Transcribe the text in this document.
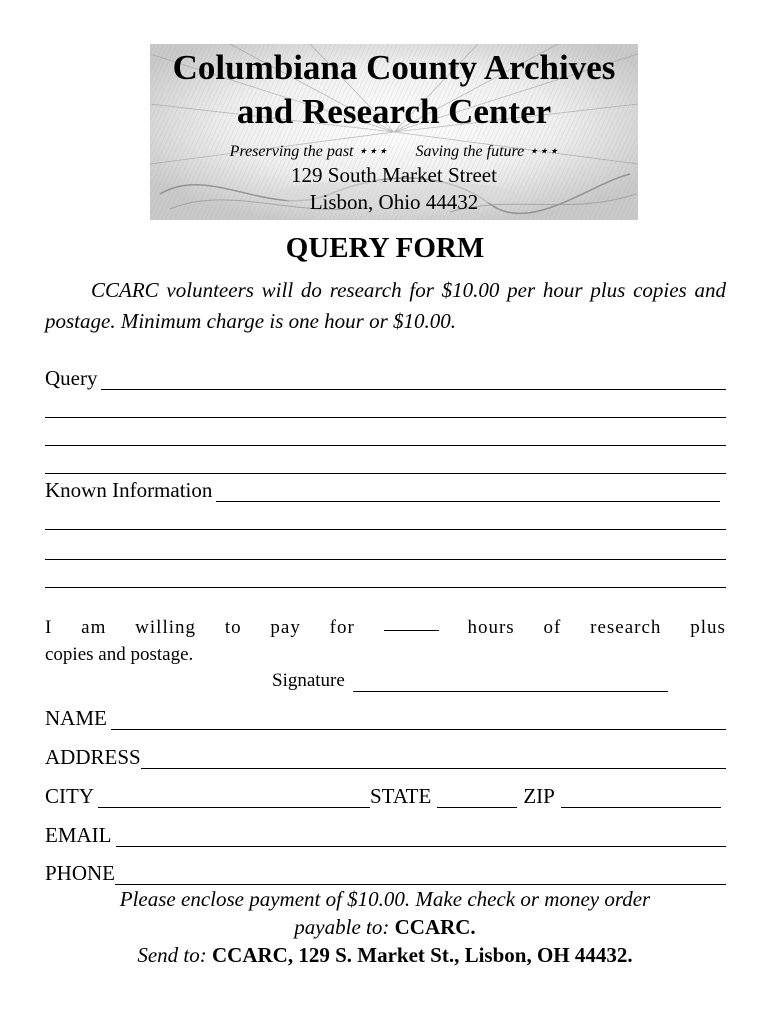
Columbiana County Archives
and Research Center
Preserving the past ⋆⋆⋆ Saving the future ⋆⋆⋆
129 South Market Street
Lisbon, Ohio 44432
QUERY FORM
CCARC volunteers will do research for $10.00 per hour plus copies and postage. Minimum charge is one hour or $10.00.
Query
Known Information
I am willing to pay for	hours of research plus
copies and postage.
Signature
NAME
ADDRESS
CITY	STATE	ZIP
EMAIL
PHONE
Please enclose payment of $10.00. Make check or money order
payable to: CCARC.
Send to: CCARC, 129 S. Market St., Lisbon, OH 44432.
